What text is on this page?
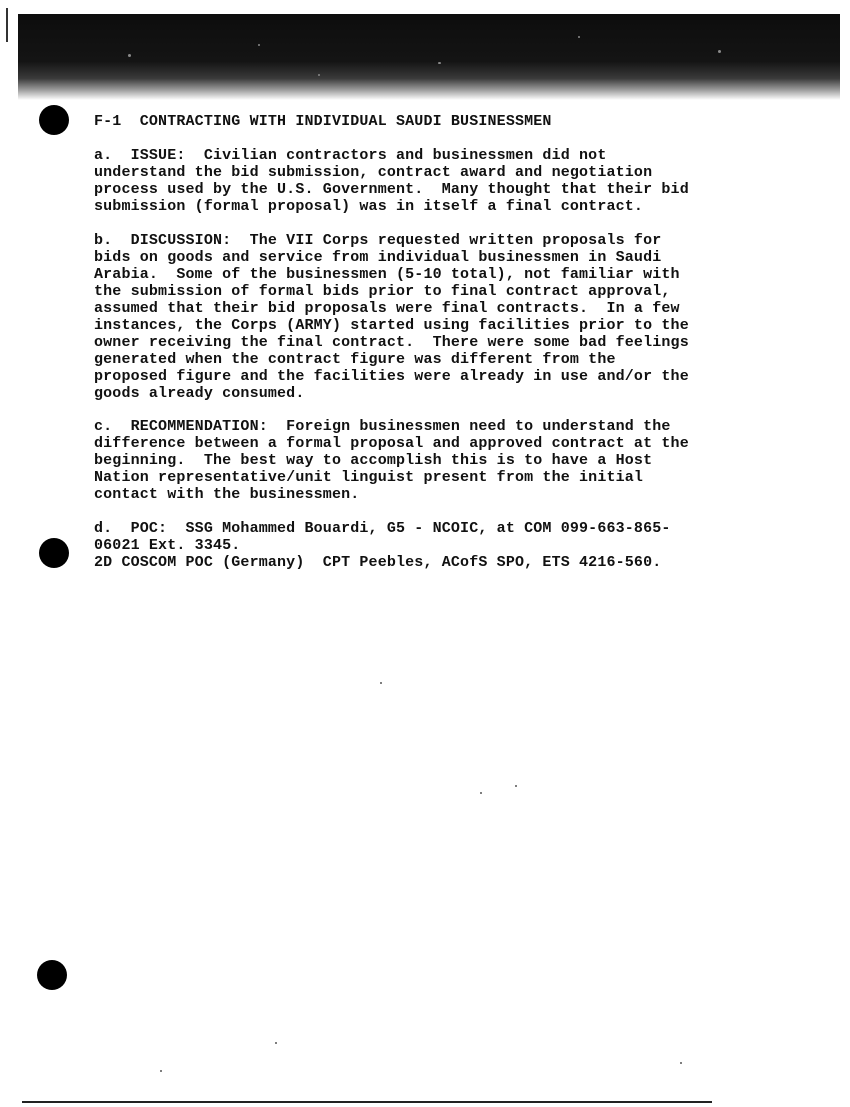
F-1  CONTRACTING WITH INDIVIDUAL SAUDI BUSINESSMEN
a.  ISSUE:  Civilian contractors and businessmen did not
understand the bid submission, contract award and negotiation
process used by the U.S. Government.  Many thought that their bid
submission (formal proposal) was in itself a final contract.
b.  DISCUSSION:  The VII Corps requested written proposals for
bids on goods and service from individual businessmen in Saudi
Arabia.  Some of the businessmen (5-10 total), not familiar with
the submission of formal bids prior to final contract approval,
assumed that their bid proposals were final contracts.  In a few
instances, the Corps (ARMY) started using facilities prior to the
owner receiving the final contract.  There were some bad feelings
generated when the contract figure was different from the
proposed figure and the facilities were already in use and/or the
goods already consumed.
c.  RECOMMENDATION:  Foreign businessmen need to understand the
difference between a formal proposal and approved contract at the
beginning.  The best way to accomplish this is to have a Host
Nation representative/unit linguist present from the initial
contact with the businessmen.
d.  POC:  SSG Mohammed Bouardi, G5 - NCOIC, at COM 099-663-865-
06021 Ext. 3345.
2D COSCOM POC (Germany)  CPT Peebles, ACofS SPO, ETS 4216-560.
